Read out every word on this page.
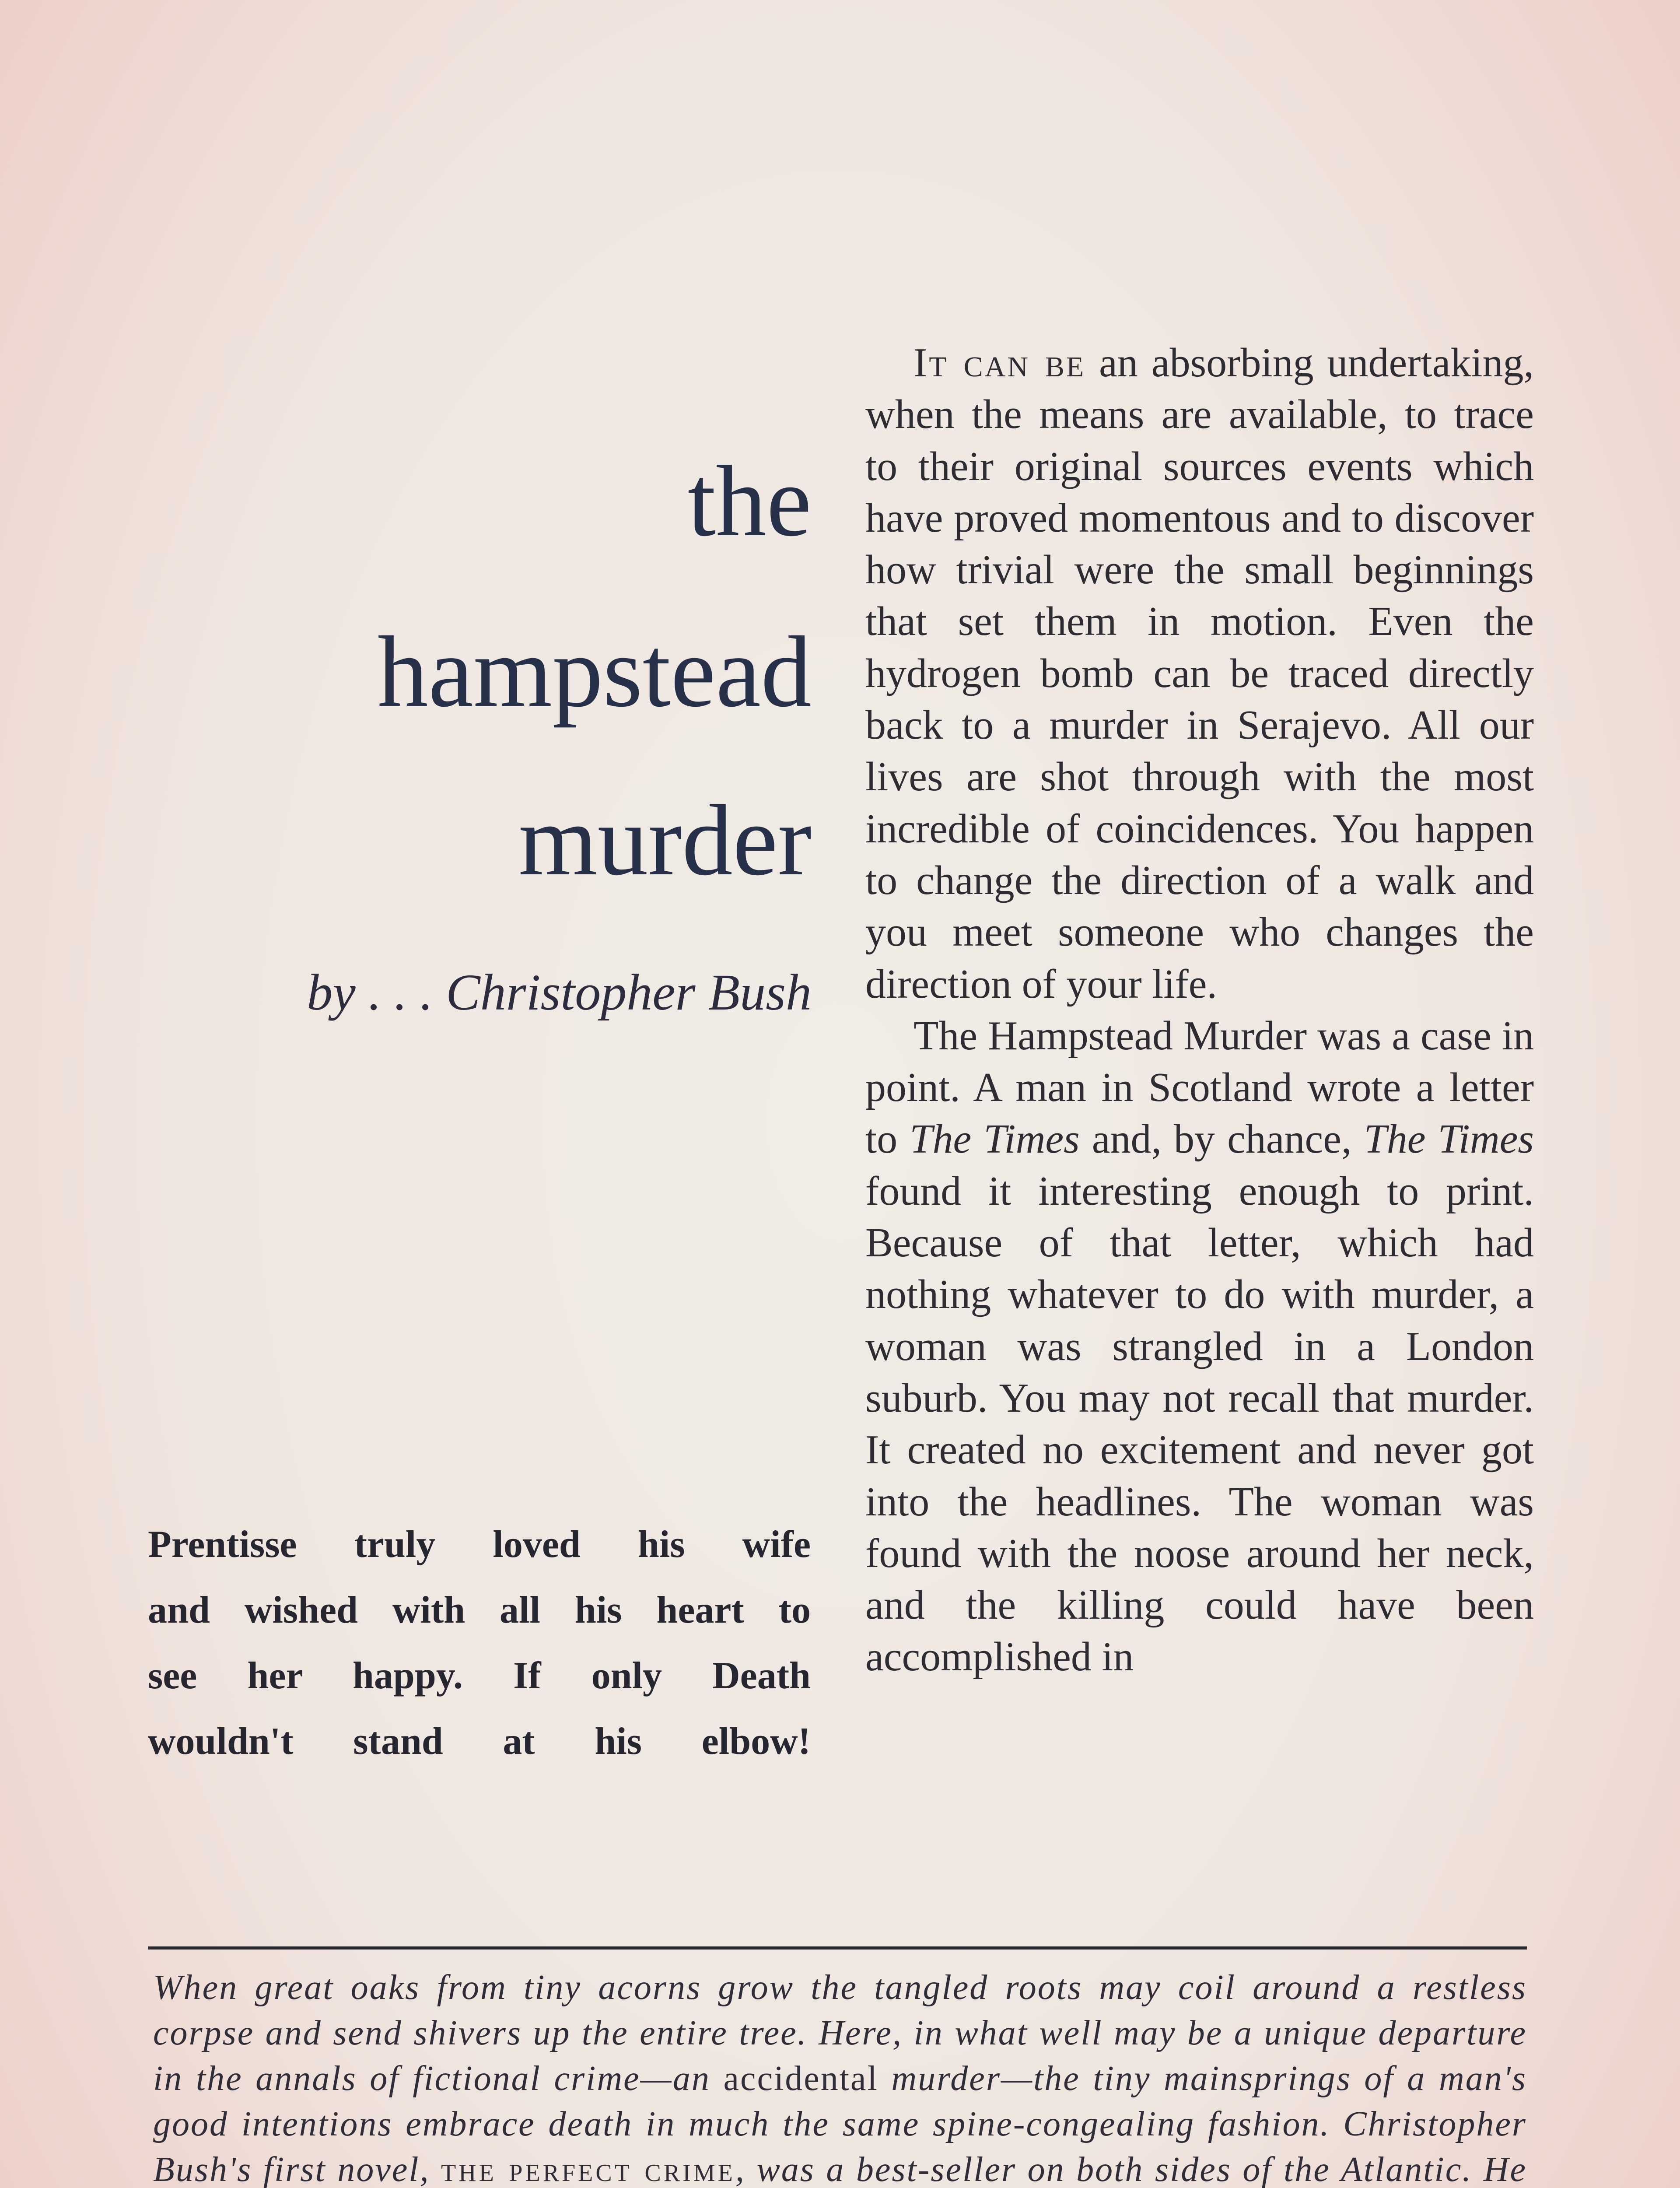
the
hampstead
murder
by . . . Christopher Bush
Prentisse truly loved his wife
and wished with all his heart to
see her happy. If only Death
wouldn't stand at his elbow!

It can be an absorbing undertaking, when the means are available, to trace to their original sources events which have proved momentous and to discover how trivial were the small beginnings that set them in motion. Even the hydrogen bomb can be traced directly back to a murder in Serajevo. All our lives are shot through with the most incredible of coincidences. You happen to change the direction of a walk and you meet someone who changes the direction of your life.

The Hampstead Murder was a case in point. A man in Scotland wrote a letter to The Times and, by chance, The Times found it interesting enough to print. Because of that letter, which had nothing whatever to do with murder, a woman was strangled in a London suburb. You may not recall that murder. It created no excitement and never got into the headlines. The woman was found with the noose around her neck, and the killing could have been accomplished in

When great oaks from tiny acorns grow the tangled roots may coil around a restless corpse and send shivers up the entire tree. Here, in what well may be a unique departure in the annals of fictional crime—an accidental murder—the tiny mainsprings of a man's good intentions embrace death in much the same spine-congealing fashion. Christopher Bush's first novel, the perfect crime, was a best-seller on both sides of the Atlantic. He
